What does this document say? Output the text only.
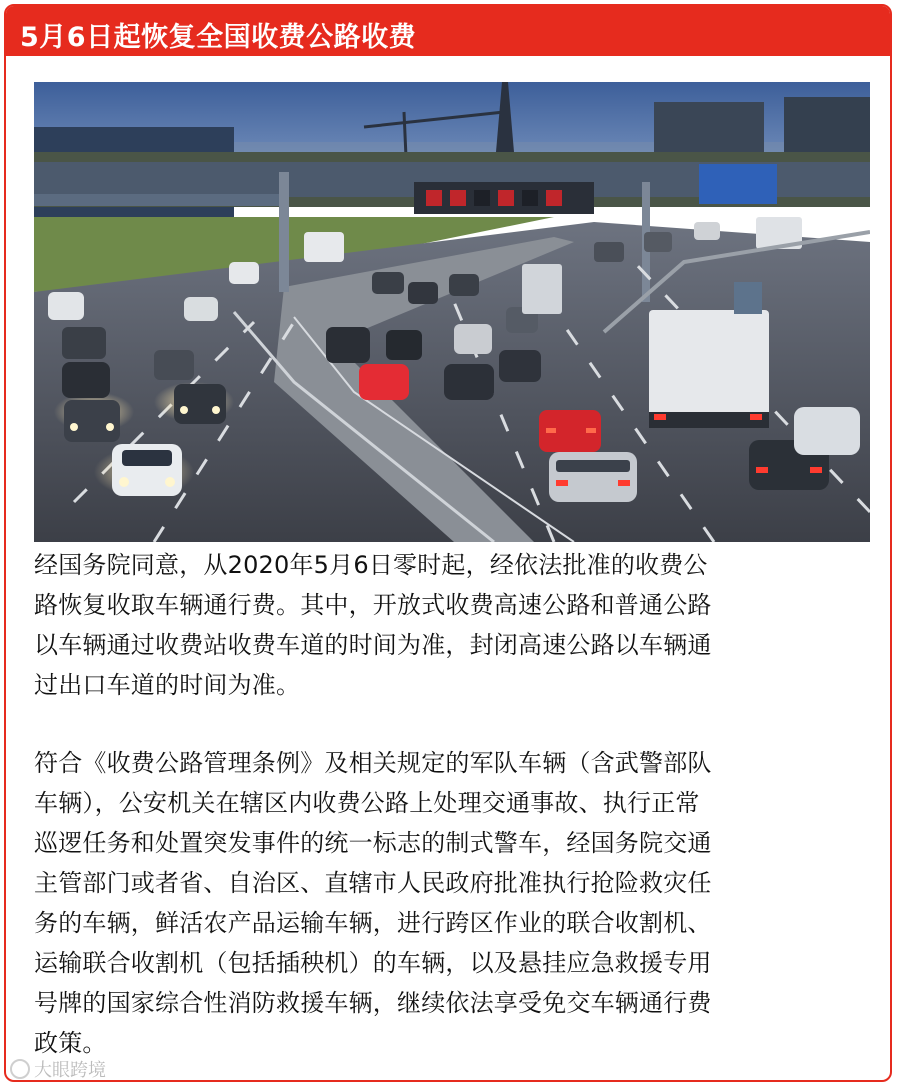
5月6日起恢复全国收费公路收费
经国务院同意，从2020年5月6日零时起，经依法批准的收费公
路恢复收取车辆通行费。其中，开放式收费高速公路和普通公路
以车辆通过收费站收费车道的时间为准，封闭高速公路以车辆通
过出口车道的时间为准。
符合《收费公路管理条例》及相关规定的军队车辆（含武警部队
车辆），公安机关在辖区内收费公路上处理交通事故、执行正常
巡逻任务和处置突发事件的统一标志的制式警车，经国务院交通
主管部门或者省、自治区、直辖市人民政府批准执行抢险救灾任
务的车辆，鲜活农产品运输车辆，进行跨区作业的联合收割机、
运输联合收割机（包括插秧机）的车辆，以及悬挂应急救援专用
号牌的国家综合性消防救援车辆，继续依法享受免交车辆通行费
政策。
大眼跨境
